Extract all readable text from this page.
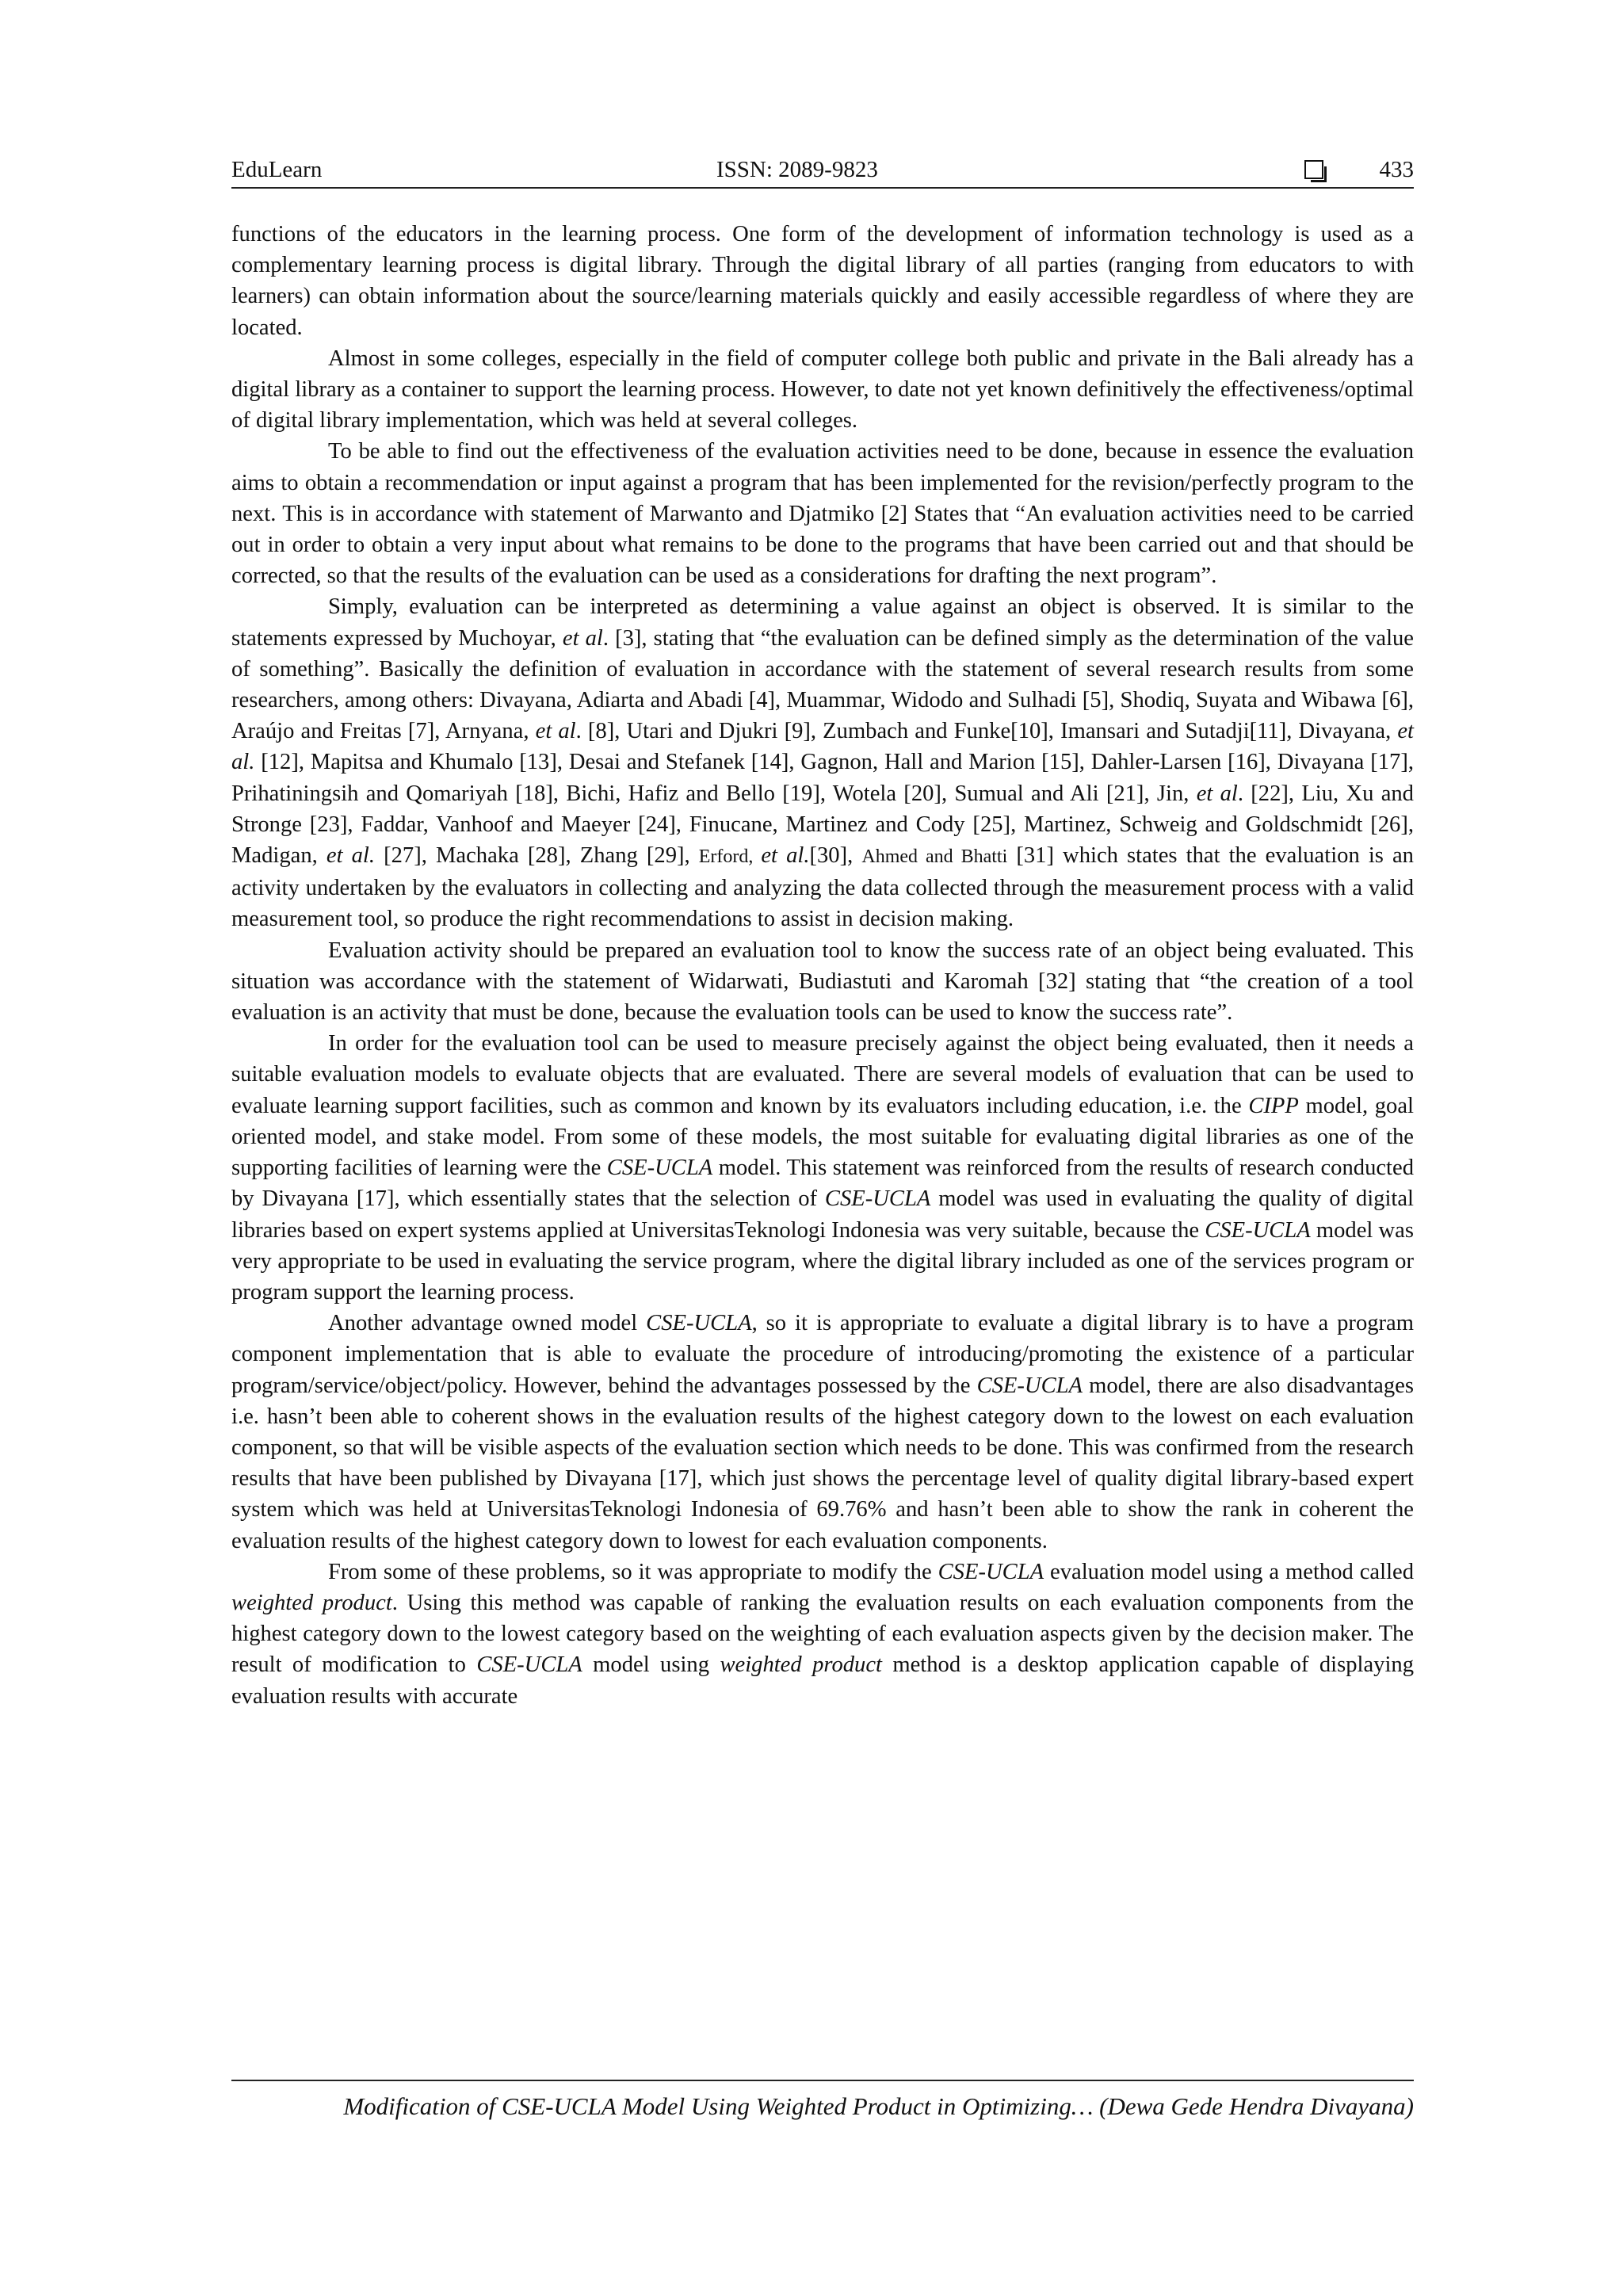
EduLearn	ISSN: 2089-9823	433

functions of the educators in the learning process. One form of the development of information technology is used as a complementary learning process is digital library. Through the digital library of all parties (ranging from educators to with learners) can obtain information about the source/learning materials quickly and easily accessible regardless of where they are located.

Almost in some colleges, especially in the field of computer college both public and private in the Bali already has a digital library as a container to support the learning process. However, to date not yet known definitively the effectiveness/optimal of digital library implementation, which was held at several colleges.

To be able to find out the effectiveness of the evaluation activities need to be done, because in essence the evaluation aims to obtain a recommendation or input against a program that has been implemented for the revision/perfectly program to the next. This is in accordance with statement of Marwanto and Djatmiko [2] States that “An evaluation activities need to be carried out in order to obtain a very input about what remains to be done to the programs that have been carried out and that should be corrected, so that the results of the evaluation can be used as a considerations for drafting the next program”.

Simply, evaluation can be interpreted as determining a value against an object is observed. It is similar to the statements expressed by Muchoyar, et al. [3], stating that “the evaluation can be defined simply as the determination of the value of something”. Basically the definition of evaluation in accordance with the statement of several research results from some researchers, among others: Divayana, Adiarta and Abadi [4], Muammar, Widodo and Sulhadi [5], Shodiq, Suyata and Wibawa [6], Araújo and Freitas [7], Arnyana, et al. [8], Utari and Djukri [9], Zumbach and Funke[10], Imansari and Sutadji[11], Divayana, et al. [12], Mapitsa and Khumalo [13], Desai and Stefanek [14], Gagnon, Hall and Marion [15], Dahler-Larsen [16], Divayana [17], Prihatiningsih and Qomariyah [18], Bichi, Hafiz and Bello [19], Wotela [20], Sumual and Ali [21], Jin, et al. [22], Liu, Xu and Stronge [23], Faddar, Vanhoof and Maeyer [24], Finucane, Martinez and Cody [25], Martinez, Schweig and Goldschmidt [26], Madigan, et al. [27], Machaka [28], Zhang [29], Erford, et al.[30], Ahmed and Bhatti [31] which states that the evaluation is an activity undertaken by the evaluators in collecting and analyzing the data collected through the measurement process with a valid measurement tool, so produce the right recommendations to assist in decision making.

Evaluation activity should be prepared an evaluation tool to know the success rate of an object being evaluated. This situation was accordance with the statement of Widarwati, Budiastuti and Karomah [32] stating that “the creation of a tool evaluation is an activity that must be done, because the evaluation tools can be used to know the success rate”.

In order for the evaluation tool can be used to measure precisely against the object being evaluated, then it needs a suitable evaluation models to evaluate objects that are evaluated. There are several models of evaluation that can be used to evaluate learning support facilities, such as common and known by its evaluators including education, i.e. the CIPP model, goal oriented model, and stake model. From some of these models, the most suitable for evaluating digital libraries as one of the supporting facilities of learning were the CSE-UCLA model. This statement was reinforced from the results of research conducted by Divayana [17], which essentially states that the selection of CSE-UCLA model was used in evaluating the quality of digital libraries based on expert systems applied at UniversitasTeknologi Indonesia was very suitable, because the CSE-UCLA model was very appropriate to be used in evaluating the service program, where the digital library included as one of the services program or program support the learning process.

Another advantage owned model CSE-UCLA, so it is appropriate to evaluate a digital library is to have a program component implementation that is able to evaluate the procedure of introducing/promoting the existence of a particular program/service/object/policy. However, behind the advantages possessed by the CSE-UCLA model, there are also disadvantages i.e. hasn’t been able to coherent shows in the evaluation results of the highest category down to the lowest on each evaluation component, so that will be visible aspects of the evaluation section which needs to be done. This was confirmed from the research results that have been published by Divayana [17], which just shows the percentage level of quality digital library-based expert system which was held at UniversitasTeknologi Indonesia of 69.76% and hasn’t been able to show the rank in coherent the evaluation results of the highest category down to lowest for each evaluation components.

From some of these problems, so it was appropriate to modify the CSE-UCLA evaluation model using a method called weighted product. Using this method was capable of ranking the evaluation results on each evaluation components from the highest category down to the lowest category based on the weighting of each evaluation aspects given by the decision maker. The result of modification to CSE-UCLA model using weighted product method is a desktop application capable of displaying evaluation results with accurate

Modification of CSE-UCLA Model Using Weighted Product in Optimizing… (Dewa Gede Hendra Divayana)
